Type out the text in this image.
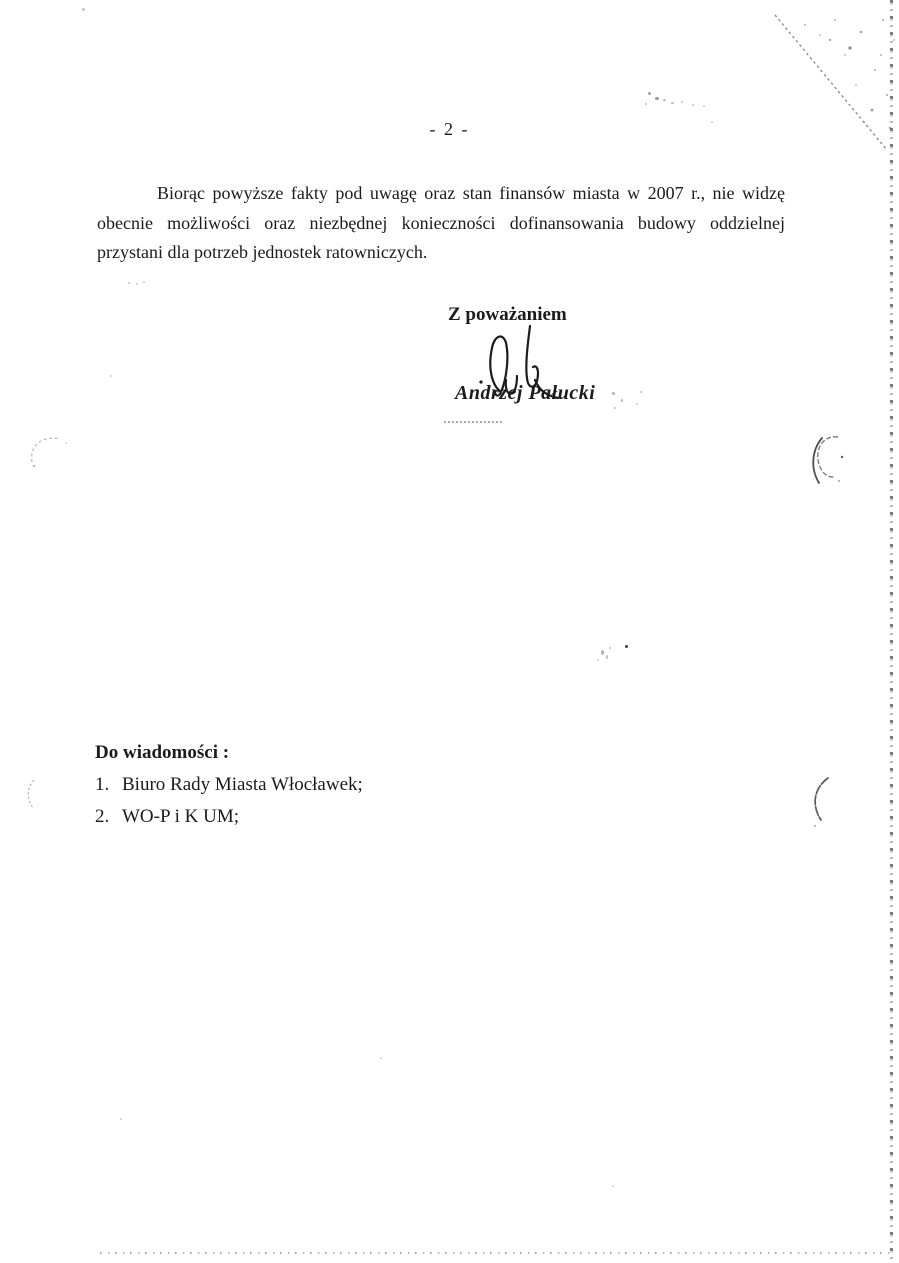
- 2 -
Biorąc powyższe fakty pod uwagę oraz stan finansów miasta w 2007 r., nie widzę
obecnie możliwości oraz niezbędnej konieczności dofinansowania budowy oddzielnej
przystani dla potrzeb jednostek ratowniczych.
Z poważaniem
Andrzej Pałucki
Do wiadomości :
1. Biuro Rady Miasta Włocławek;
2. WO-P i K UM;
